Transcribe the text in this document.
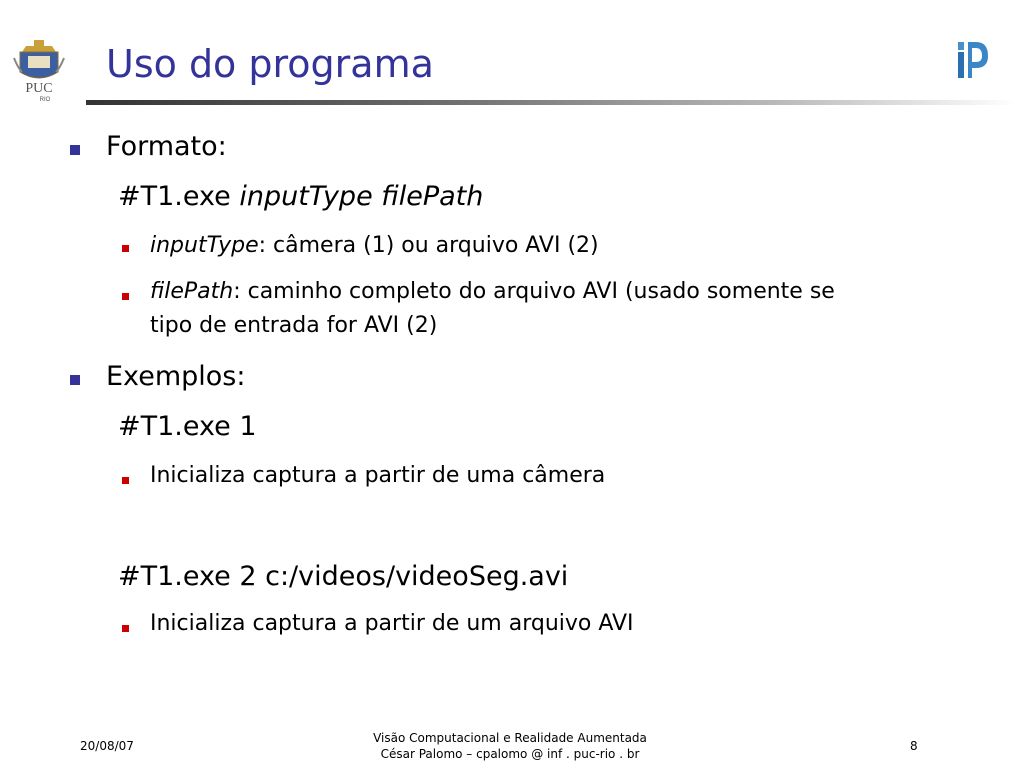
PUC
RIO
Uso do programa
Formato:
#T1.exe inputType filePath
inputType: câmera (1) ou arquivo AVI (2)
filePath: caminho completo do arquivo AVI (usado somente se
tipo de entrada for AVI (2)
Exemplos:
#T1.exe 1
Inicializa captura a partir de uma câmera
#T1.exe 2 c:/videos/videoSeg.avi
Inicializa captura a partir de um arquivo AVI
20/08/07
Visão Computacional e Realidade Aumentada
César Palomo – cpalomo @ inf . puc-rio . br
8
